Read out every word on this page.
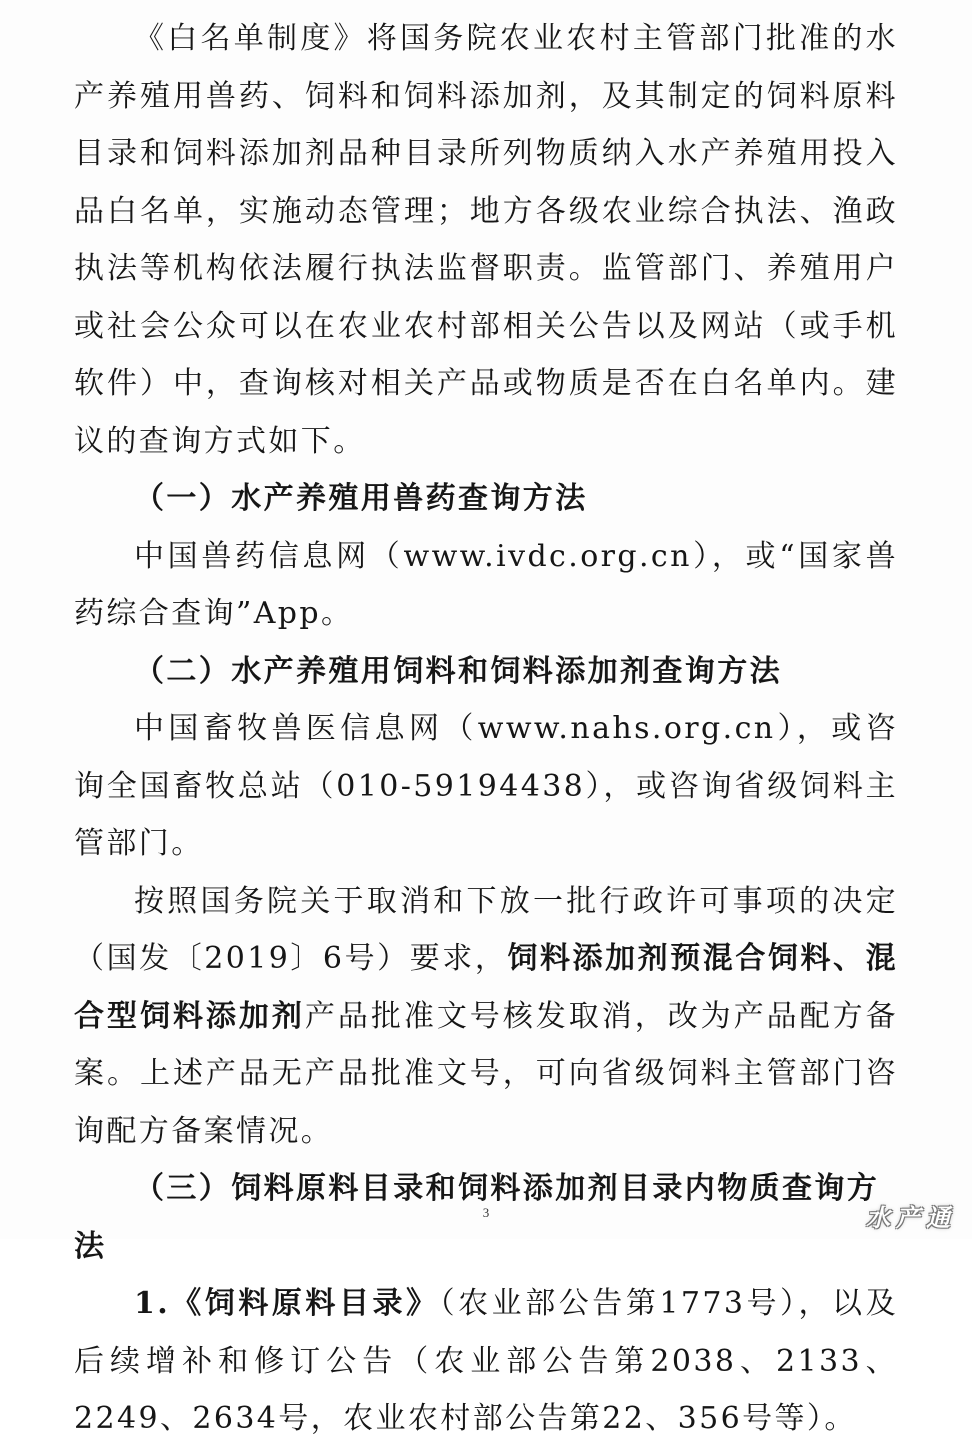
《白名单制度》将国务院农业农村主管部门批准的水产养殖用兽药、饲料和饲料添加剂，及其制定的饲料原料目录和饲料添加剂品种目录所列物质纳入水产养殖用投入品白名单，实施动态管理；地方各级农业综合执法、渔政执法等机构依法履行执法监督职责。监管部门、养殖用户或社会公众可以在农业农村部相关公告以及网站（或手机软件）中，查询核对相关产品或物质是否在白名单内。建议的查询方式如下。

（一）水产养殖用兽药查询方法

中国兽药信息网（www.ivdc.org.cn），或“国家兽药综合查询”App。

（二）水产养殖用饲料和饲料添加剂查询方法

中国畜牧兽医信息网（www.nahs.org.cn），或咨询全国畜牧总站（010-59194438），或咨询省级饲料主管部门。

按照国务院关于取消和下放一批行政许可事项的决定（国发〔2019〕6号）要求，饲料添加剂预混合饲料、混合型饲料添加剂产品批准文号核发取消，改为产品配方备案。上述产品无产品批准文号，可向省级饲料主管部门咨询配方备案情况。

（三）饲料原料目录和饲料添加剂目录内物质查询方法

1.《饲料原料目录》（农业部公告第1773号），以及后续增补和修订公告（农业部公告第2038、2133、2249、2634号，农业农村部公告第22、356号等）。

3	水产通
